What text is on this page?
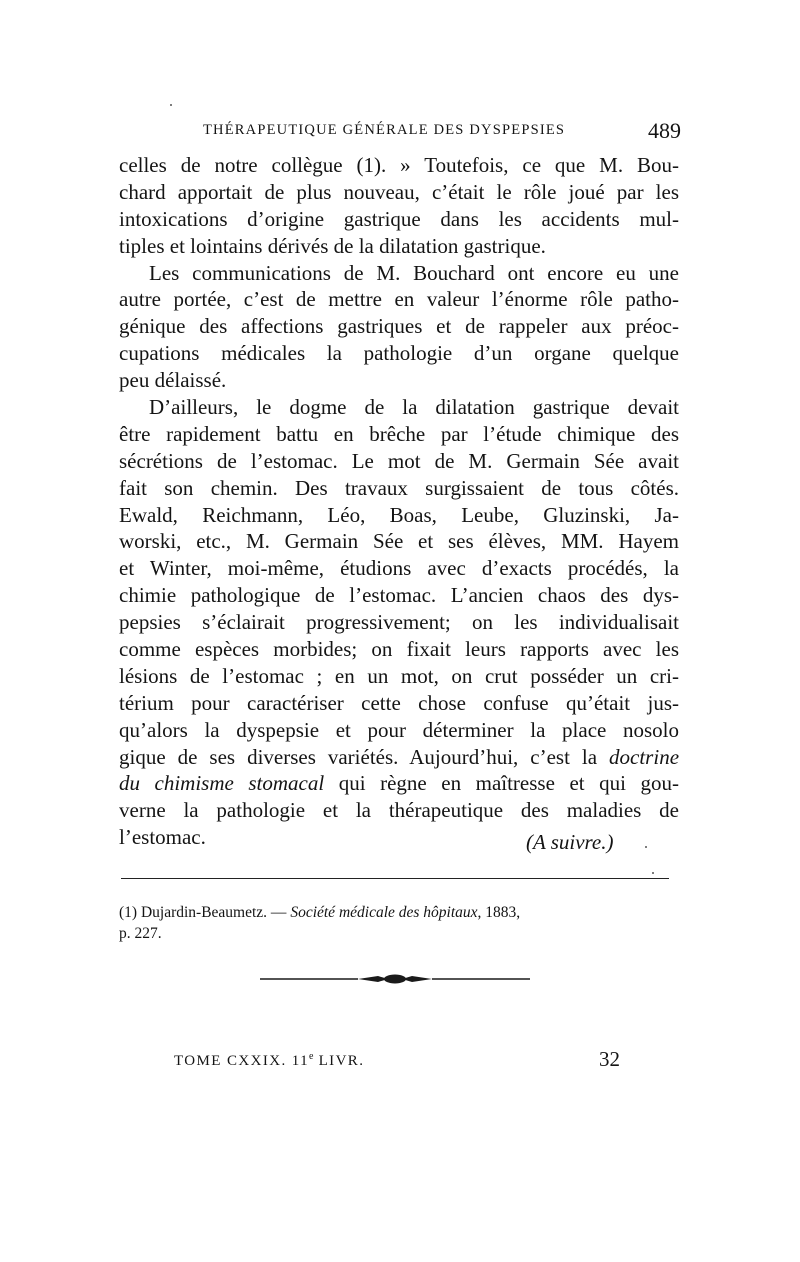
THÉRAPEUTIQUE GÉNÉRALE DES DYSPEPSIES	489
celles de notre collègue (1). » Toutefois, ce que M. Bou-
chard apportait de plus nouveau, c’était le rôle joué par les
intoxications d’origine gastrique dans les accidents mul-
tiples et lointains dérivés de la dilatation gastrique.
Les communications de M. Bouchard ont encore eu une
autre portée, c’est de mettre en valeur l’énorme rôle patho-
génique des affections gastriques et de rappeler aux préoc-
cupations médicales la pathologie d’un organe quelque
peu délaissé.
D’ailleurs, le dogme de la dilatation gastrique devait
être rapidement battu en brêche par l’étude chimique des
sécrétions de l’estomac. Le mot de M. Germain Sée avait
fait son chemin. Des travaux surgissaient de tous côtés.
Ewald, Reichmann, Léo, Boas, Leube, Gluzinski, Ja-
worski, etc., M. Germain Sée et ses élèves, MM. Hayem
et Winter, moi-même, étudions avec d’exacts procédés, la
chimie pathologique de l’estomac. L’ancien chaos des dys-
pepsies s’éclairait progressivement; on les individualisait
comme espèces morbides; on fixait leurs rapports avec les
lésions de l’estomac ; en un mot, on crut posséder un cri-
térium pour caractériser cette chose confuse qu’était jus-
qu’alors la dyspepsie et pour déterminer la place nosolo
gique de ses diverses variétés. Aujourd’hui, c’est la doctrine
du chimisme stomacal qui règne en maîtresse et qui gou-
verne la pathologie et la thérapeutique des maladies de
l’estomac.	(A suivre.)
(1) Dujardin-Beaumetz. — Société médicale des hôpitaux, 1883,
p. 227.
TOME CXXIX. 11e LIVR.	32
